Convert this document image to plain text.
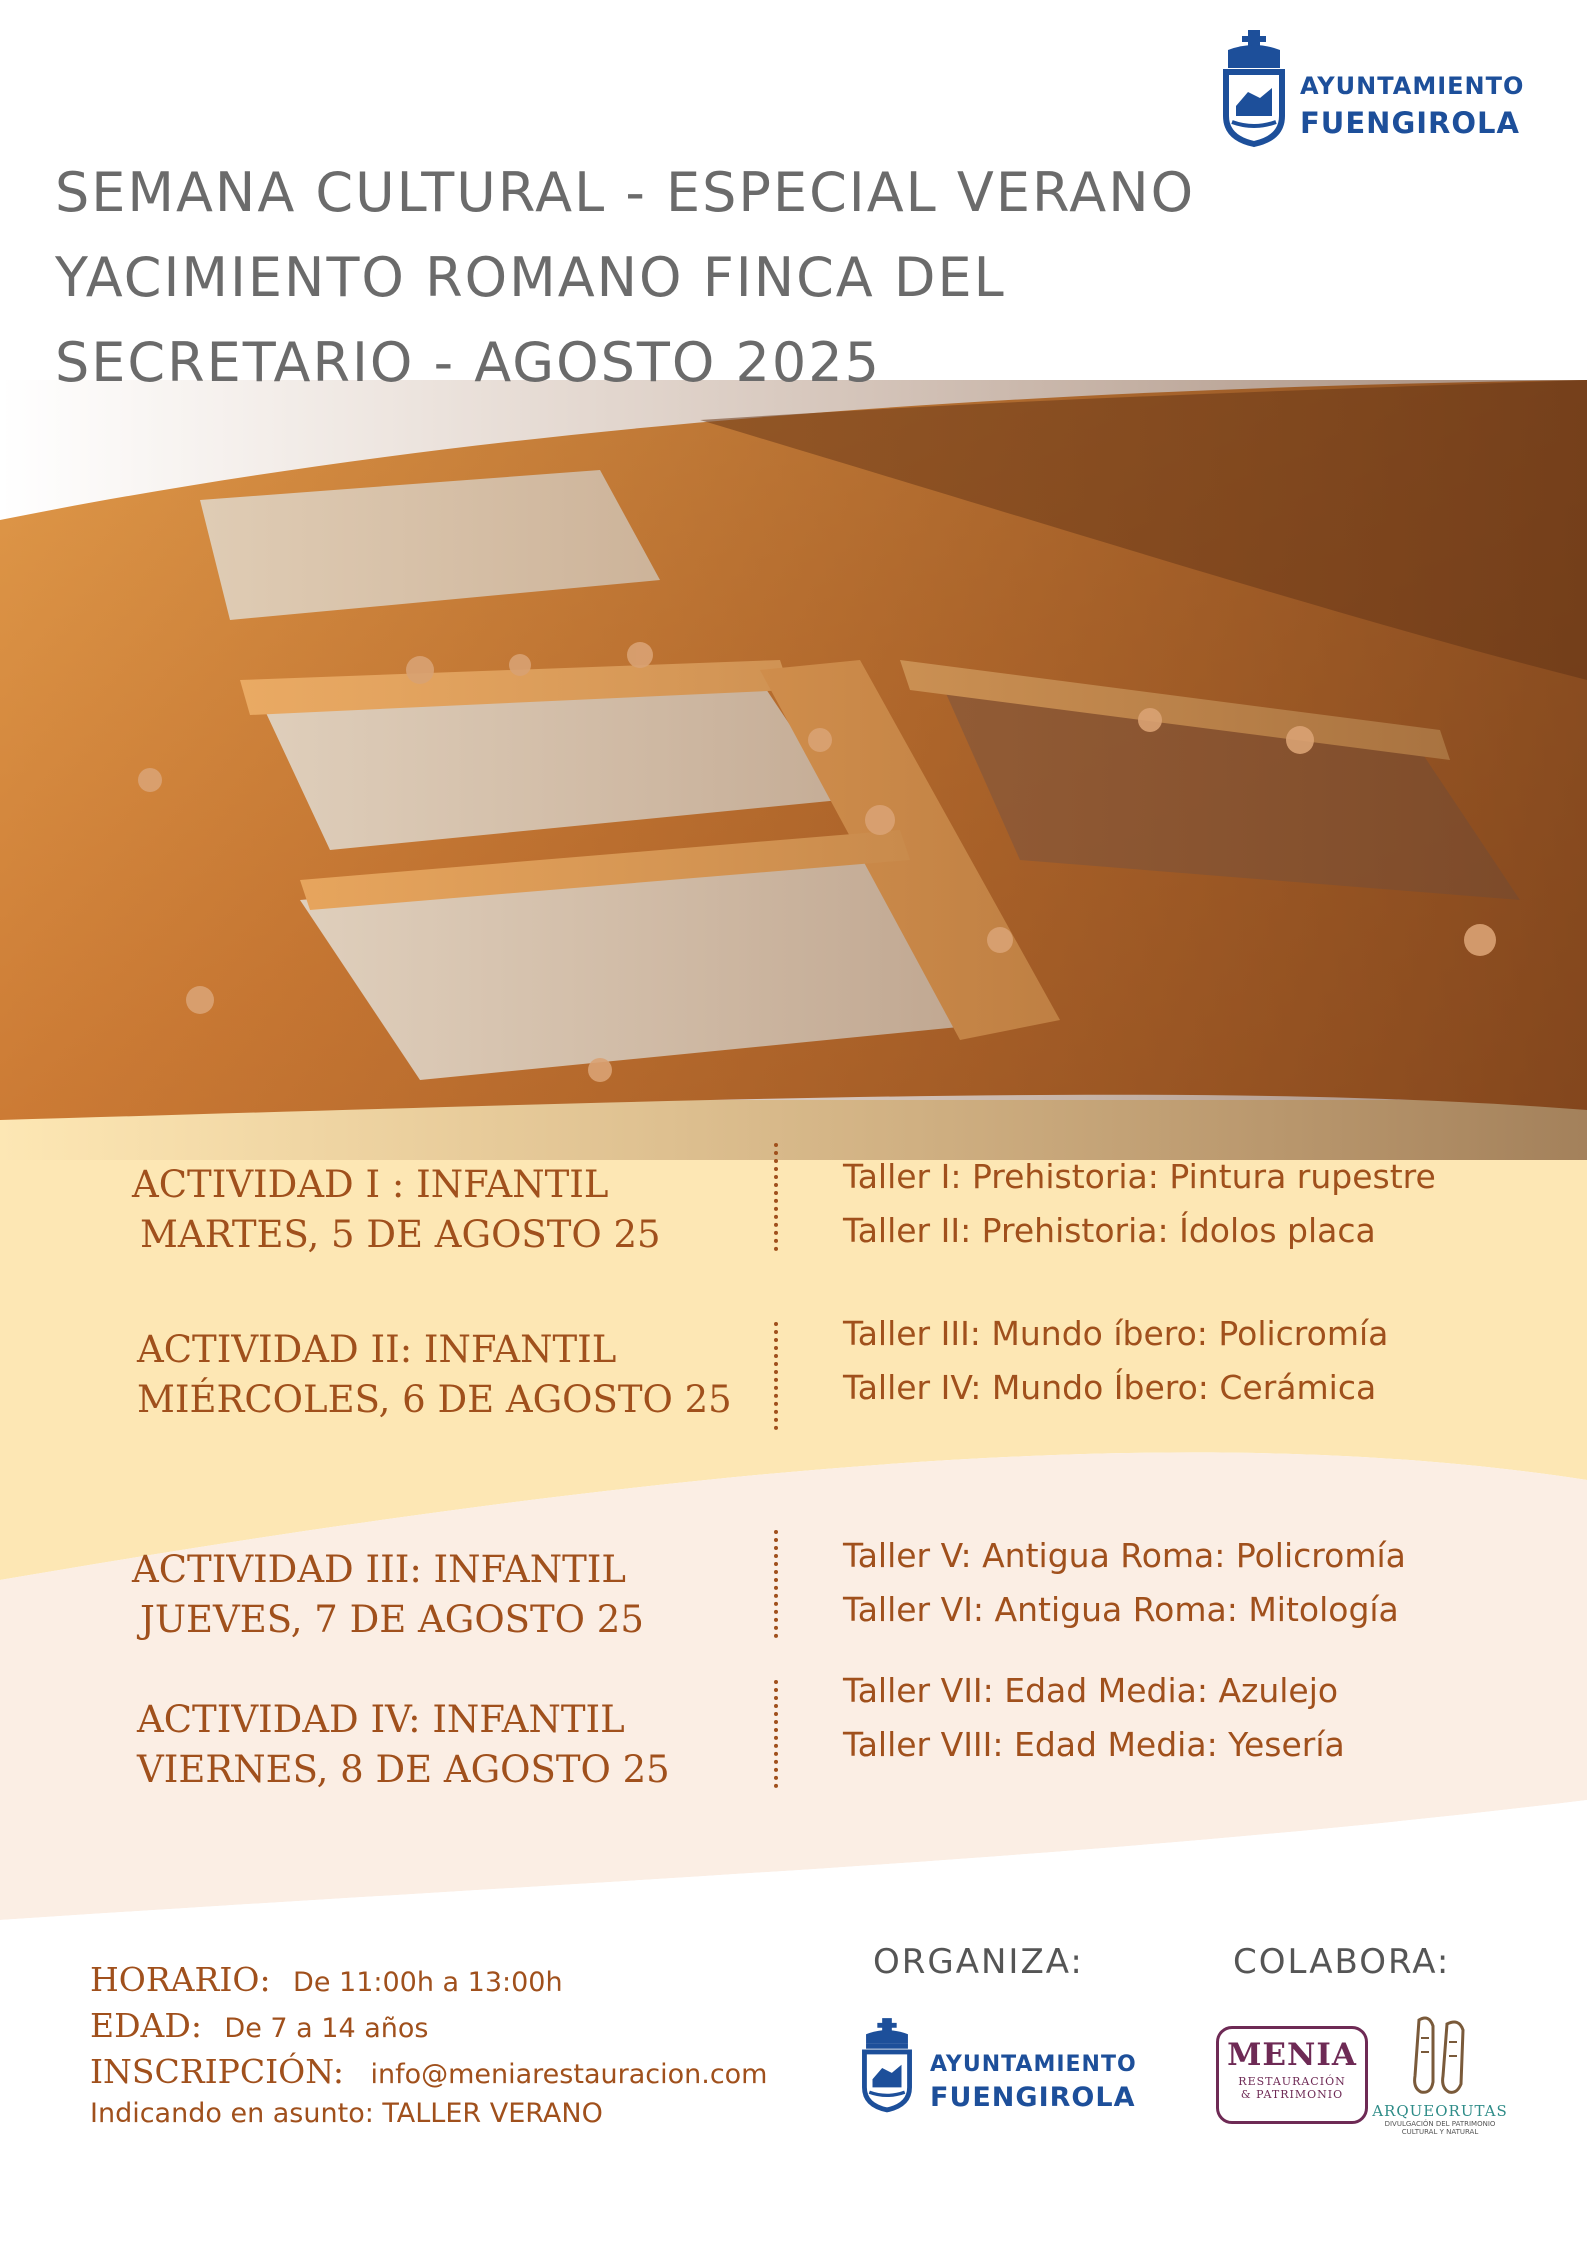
SEMANA CULTURAL - ESPECIAL VERANO
YACIMIENTO ROMANO FINCA DEL
SECRETARIO - AGOSTO 2025
AYUNTAMIENTO
FUENGIROLA
ACTIVIDAD I : INFANTIL
MARTES, 5 DE AGOSTO 25
Taller I: Prehistoria: Pintura rupestre
Taller II: Prehistoria: Ídolos placa
ACTIVIDAD II: INFANTIL
MIÉRCOLES, 6 DE AGOSTO 25
Taller III: Mundo íbero: Policromía
Taller IV: Mundo Íbero: Cerámica
ACTIVIDAD III: INFANTIL
JUEVES, 7 DE AGOSTO 25
Taller V: Antigua Roma: Policromía
Taller VI: Antigua Roma: Mitología
ACTIVIDAD IV: INFANTIL
VIERNES, 8 DE AGOSTO 25
Taller VII: Edad Media: Azulejo
Taller VIII: Edad Media: Yesería
HORARIO: De 11:00h a 13:00h
EDAD: De 7 a 14 años
INSCRIPCIÓN: info@meniarestauracion.com
Indicando en asunto: TALLER VERANO
ORGANIZA:
AYUNTAMIENTO
FUENGIROLA
COLABORA:
MENIA
RESTAURACIÓN
& PATRIMONIO
ARQUEORUTAS
DIVULGACIÓN DEL PATRIMONIO
CULTURAL Y NATURAL
